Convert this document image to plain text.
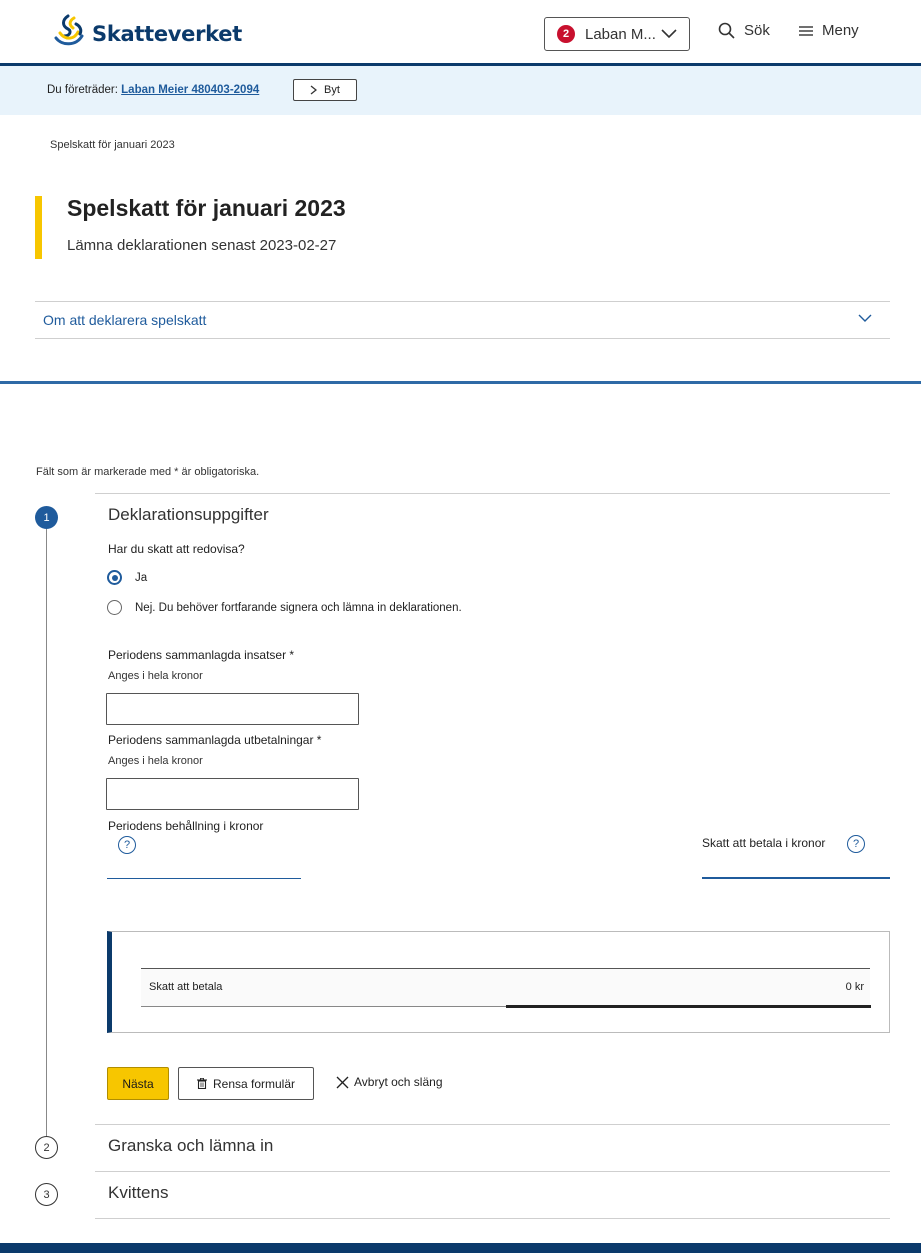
Skatteverket	2	Laban M...	Sök	Meny
Du företräder: Laban Meier 480403-2094	Byt
Spelskatt för januari 2023
Spelskatt för januari 2023
Lämna deklarationen senast 2023-02-27
Om att deklarera spelskatt
Fält som är markerade med * är obligatoriska.
1	Deklarationsuppgifter
Har du skatt att redovisa?
Ja
Nej. Du behöver fortfarande signera och lämna in deklarationen.
Periodens sammanlagda insatser *
Anges i hela kronor
Periodens sammanlagda utbetalningar *
Anges i hela kronor
Periodens behållning i kronor
?	Skatt att betala i kronor	?
Skatt att betala	0 kr
Nästa	Rensa formulär	Avbryt och släng
2	Granska och lämna in
3	Kvittens
